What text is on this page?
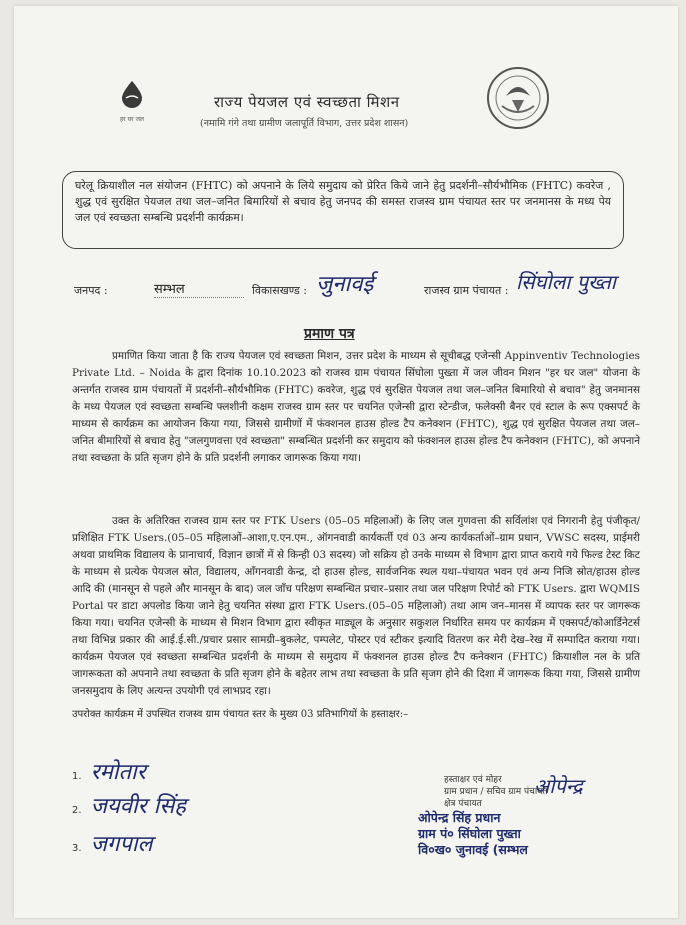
हर घर जल
राज्य पेयजल एवं स्वच्छता मिशन
(नमामि गंगे तथा ग्रामीण जलापूर्ति विभाग, उत्तर प्रदेश शासन)

घरेलू क्रियाशील नल संयोजन (FHTC) को अपनाने के लिये समुदाय को प्रेरित किये जाने हेतु प्रदर्शनी–सौर्यभौमिक (FHTC) कवरेज , शुद्ध एवं सुरक्षित पेयजल तथा जल–जनित बिमारियों से बचाव हेतु जनपद की समस्त राजस्व ग्राम पंचायत स्तर पर जनमानस के मध्य पेय जल एवं स्वच्छता सम्बन्धि प्रदर्शनी कार्यक्रम।

जनपद :	सम्भल	विकासखण्ड : जुनावई	राजस्व ग्राम पंचायत : सिंघोला पुख्ता
प्रमाण पत्र

प्रमाणित किया जाता है कि राज्य पेयजल एवं स्वच्छता मिशन, उत्तर प्रदेश के माध्यम से सूचीबद्ध एजेन्सी Appinventiv Technologies Private Ltd. – Noida के द्वारा दिनांक 10.10.2023 को राजस्व ग्राम पंचायत सिंघोला पुख्ता में जल जीवन मिशन "हर घर जल" योजना के अन्तर्गत राजस्व ग्राम पंचायतों में प्रदर्शनी–सौर्यभौमिक (FHTC) कवरेज, शुद्ध एवं सुरक्षित पेयजल तथा जल–जनित बिमारियो से बचाव" हेतु जनमानस के मध्य पेयजल एवं स्वच्छता सम्बन्धि फ्लशीनी कक्षम राजस्व ग्राम स्तर पर चयनित एजेन्सी द्वारा स्टेन्डीज, फलेक्सी बैनर एवं स्टाल के रूप एक्सपर्ट के माध्यम से कार्यक्रम का आयोजन किया गया, जिससे ग्रामीणों में फंक्शनल हाउस होल्ड टैप कनेक्शन (FHTC), शुद्ध एवं सुरक्षित पेयजल तथा जल–जनित बीमारियों से बचाव हेतु "जलगुणवत्ता एवं स्वच्छता" सम्बन्धित प्रदर्शनी कर समुदाय को फंक्शनल हाउस होल्ड टैप कनेक्शन (FHTC), को अपनाने तथा स्वच्छता के प्रति सृजग होने के प्रति प्रदर्शनी लगाकर जागरूक किया गया।

उक्त के अतिरिक्त राजस्व ग्राम स्तर पर FTK Users (05–05 महिलाओं) के लिए जल गुणवत्ता की सर्विलांश एवं निगरानी हेतु पंजीकृत/प्रशिक्षित FTK Users.(05–05 महिलाओं–आशा,ए.एन.एम., ऑगनवाडी कार्यकर्ती एवं 03 अन्य कार्यकर्ताओं–ग्राम प्रधान, VWSC सदस्य, प्राईमरी अथवा प्राथमिक विद्यालय के प्रानाचार्य, विज्ञान छात्रों में से किन्ही 03 सदस्य) जो सक्रिय हो उनके माध्यम से विभाग द्वारा प्राप्त कराये गये फिल्ड टेस्ट किट के माध्यम से प्रत्येक पेयजल स्रोत, विद्यालय, आँगनवाडी केन्द्र, दो हाउस होल्ड, सार्वजनिक स्थल यथा–पंचायत भवन एवं अन्य निजि स्रोत/हाउस होल्ड आदि की (मानसून से पहले और मानसून के बाद) जल जाँच परिक्षण सम्बन्धित प्रचार–प्रसार तथा जल परिक्षण रिपोर्ट को FTK Users. द्वारा WQMIS Portal पर डाटा अपलोड किया जाने हेतु चयनित संस्था द्वारा FTK Users.(05–05 महिलाओ) तथा आम जन–मानस में व्यापक स्तर पर जागरूक किया गया। चयनित एजेन्सी के माध्यम से मिशन विभाग द्वारा स्वीकृत माड्यूल के अनुसार सकुशल निर्धारित समय पर कार्यक्रम में एक्सपर्ट/कोआर्डिनेटर्स तथा विभिन्न प्रकार की आई.ई.सी./प्रचार प्रसार सामग्री–बुकलेट, पम्पलेट, पोस्टर एवं स्टीकर इत्यादि वितरण कर मेरी देख–रेख में सम्पादित कराया गया। कार्यक्रम पेयजल एवं स्वच्छता सम्बन्धित प्रदर्शनी के माध्यम से समुदाय में फंक्शनल हाउस होल्ड टैप कनेक्शन (FHTC) क्रियाशील नल के प्रति जागरूकता को अपनाने तथा स्वच्छता के प्रति सृजग होने के बहेतर लाभ तथा स्वच्छता के प्रति सृजग होने की दिशा में जागरूक किया गया, जिससे ग्रामीण जनसमुदाय के लिए अत्यन्त उपयोगी एवं लाभप्रद रहा।

उपरोक्त कार्यक्रम में उपस्थित राजस्व ग्राम पंचायत स्तर के मुख्य 03 प्रतिभागियों के हस्ताक्षर:–
1. रमोतार
2. जयवीर सिंह
3. जगपाल
हस्ताक्षर एवं मोहर
ग्राम प्रधान / सचिव ग्राम पंचायत
क्षेत्र पंचायत
ओपेन्द्र
ओपेन्द्र सिंह प्रधान
ग्राम पं० सिंघोला पुख्ता
वि०ख० जुनावई (सम्भल
